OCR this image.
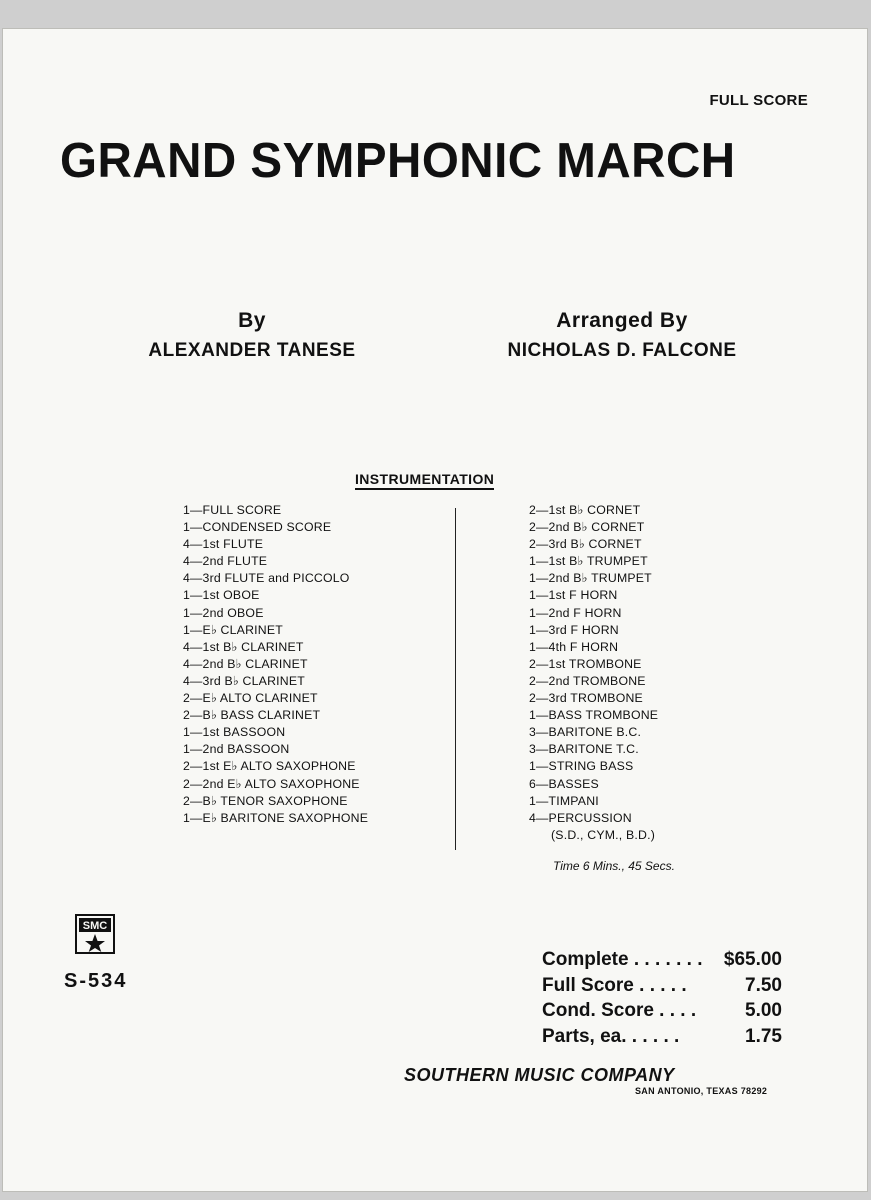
FULL SCORE
GRAND SYMPHONIC MARCH
By
ALEXANDER TANESE
Arranged By
NICHOLAS D. FALCONE
INSTRUMENTATION
1—FULL SCORE
1—CONDENSED SCORE
4—1st FLUTE
4—2nd FLUTE
4—3rd FLUTE and PICCOLO
1—1st OBOE
1—2nd OBOE
1—E♭ CLARINET
4—1st B♭ CLARINET
4—2nd B♭ CLARINET
4—3rd B♭ CLARINET
2—E♭ ALTO CLARINET
2—B♭ BASS CLARINET
1—1st BASSOON
1—2nd BASSOON
2—1st E♭ ALTO SAXOPHONE
2—2nd E♭ ALTO SAXOPHONE
2—B♭ TENOR SAXOPHONE
1—E♭ BARITONE SAXOPHONE
2—1st B♭ CORNET
2—2nd B♭ CORNET
2—3rd B♭ CORNET
1—1st B♭ TRUMPET
1—2nd B♭ TRUMPET
1—1st F HORN
1—2nd F HORN
1—3rd F HORN
1—4th F HORN
2—1st TROMBONE
2—2nd TROMBONE
2—3rd TROMBONE
1—BASS TROMBONE
3—BARITONE B.C.
3—BARITONE T.C.
1—STRING BASS
6—BASSES
1—TIMPANI
4—PERCUSSION
(S.D., CYM., B.D.)
Time 6 Mins., 45 Secs.
SMC
S-534
Complete . . . . . . .	$65.00
Full Score . . . . .	7.50
Cond. Score . . . .	5.00
Parts, ea. . . . . .	1.75
SOUTHERN MUSIC COMPANY
SAN ANTONIO, TEXAS 78292
